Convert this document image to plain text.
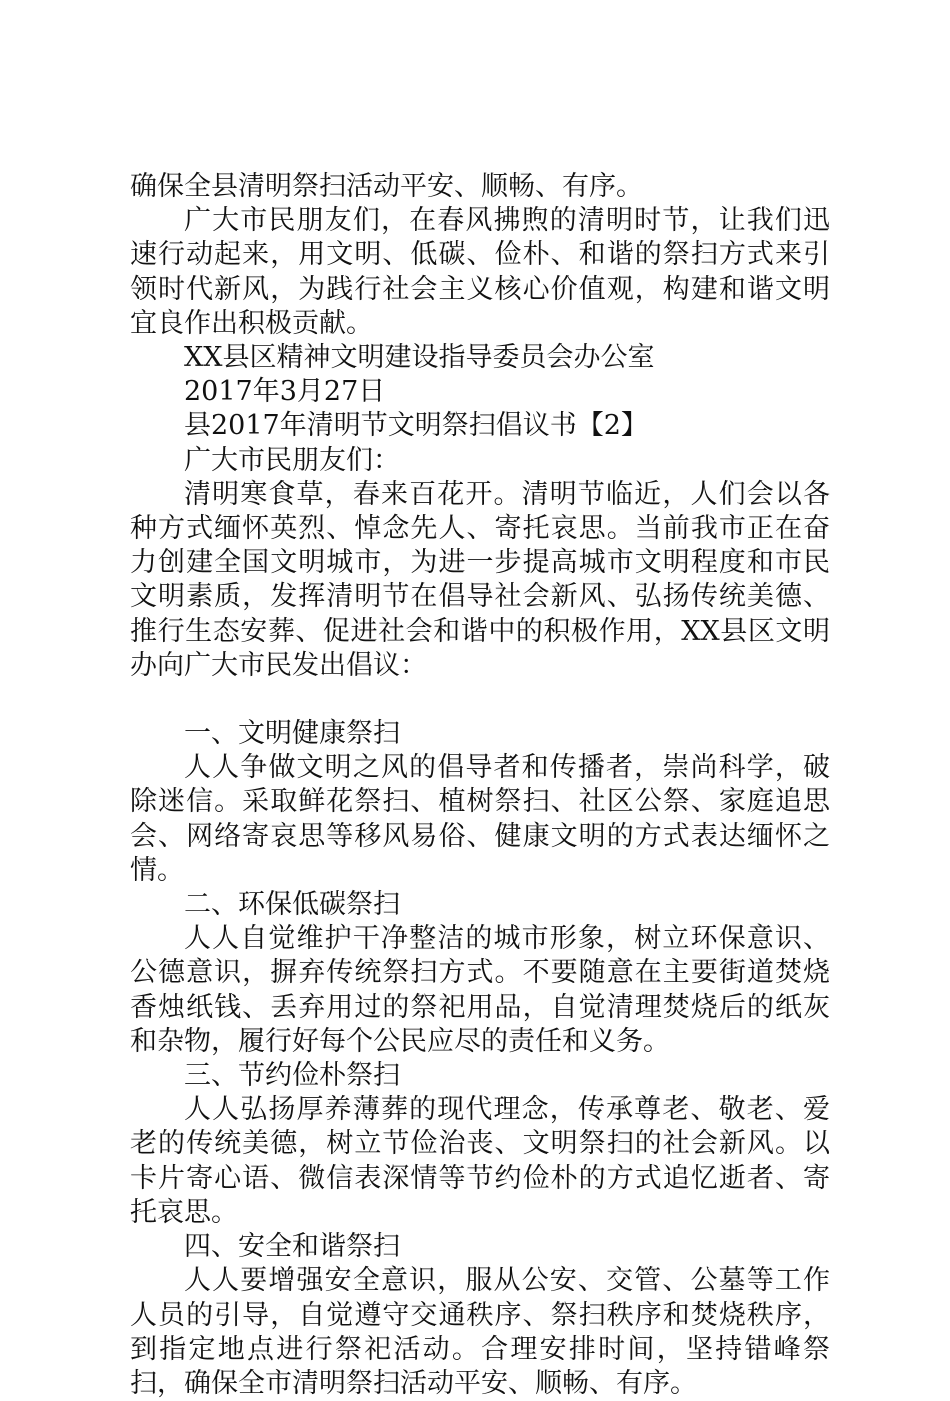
确保全县清明祭扫活动平安、顺畅、有序。

广大市民朋友们，在春风拂煦的清明时节，让我们迅速行动起来，用文明、低碳、俭朴、和谐的祭扫方式来引领时代新风，为践行社会主义核心价值观，构建和谐文明宜良作出积极贡献。

XX县区精神文明建设指导委员会办公室

2017年3月27日

县2017年清明节文明祭扫倡议书【2】

广大市民朋友们：

清明寒食草，春来百花开。清明节临近，人们会以各种方式缅怀英烈、悼念先人、寄托哀思。当前我市正在奋力创建全国文明城市，为进一步提高城市文明程度和市民文明素质，发挥清明节在倡导社会新风、弘扬传统美德、推行生态安葬、促进社会和谐中的积极作用，XX县区文明办向广大市民发出倡议：

一、文明健康祭扫

人人争做文明之风的倡导者和传播者，崇尚科学，破除迷信。采取鲜花祭扫、植树祭扫、社区公祭、家庭追思会、网络寄哀思等移风易俗、健康文明的方式表达缅怀之情。

二、环保低碳祭扫

人人自觉维护干净整洁的城市形象，树立环保意识、公德意识，摒弃传统祭扫方式。不要随意在主要街道焚烧香烛纸钱、丢弃用过的祭祀用品，自觉清理焚烧后的纸灰和杂物，履行好每个公民应尽的责任和义务。

三、节约俭朴祭扫

人人弘扬厚养薄葬的现代理念，传承尊老、敬老、爱老的传统美德，树立节俭治丧、文明祭扫的社会新风。以卡片寄心语、微信表深情等节约俭朴的方式追忆逝者、寄托哀思。

四、安全和谐祭扫

人人要增强安全意识，服从公安、交管、公墓等工作人员的引导，自觉遵守交通秩序、祭扫秩序和焚烧秩序，到指定地点进行祭祀活动。合理安排时间，坚持错峰祭扫，确保全市清明祭扫活动平安、顺畅、有序。
